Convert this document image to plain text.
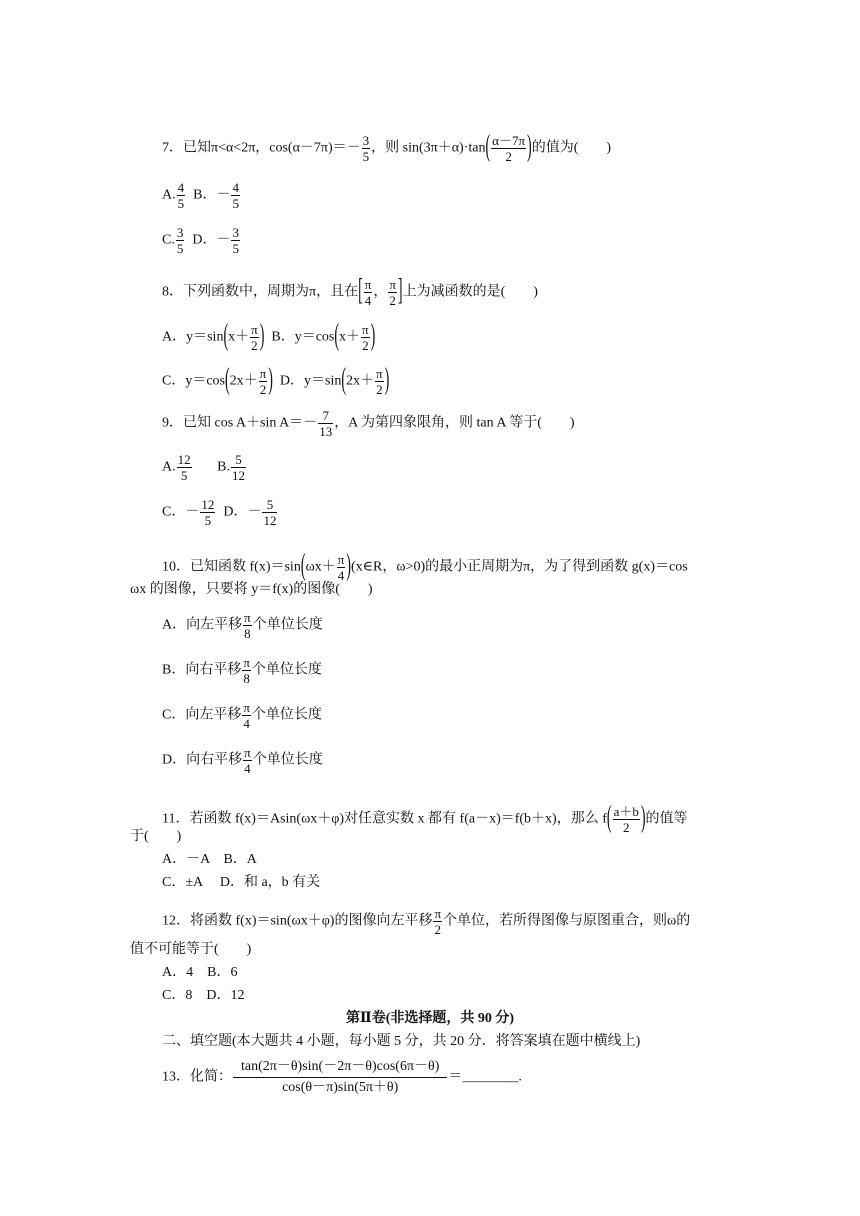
7．已知π<α<2π，$\cos(\alpha-7\pi)=- \frac{3}{5}$ ，则 $\sin(3\pi+\alpha)\cdot\tan( \frac{\alpha-7\pi}{2}$ )的值为(　　)
A. $\frac{4}{5}$ B．－ $\frac{4}{5}$
C. $\frac{3}{5}$ D．－ $\frac{3}{5}$
8．下列函数中，周期为π，且在[ $\frac{\pi}{4}$ ， $\frac{\pi}{2}$ ]上为减函数的是(　　)
A．$y=\sin(x+ \frac{\pi}{2}$ ) B．$y=\cos(x+ \frac{\pi}{2}$ )
C．$y=\cos(2x+ \frac{\pi}{2}$ ) D．$y=\sin(2x+ \frac{\pi}{2}$ )
9．已知 cos A＋sin $A=- \frac{7}{13}$ ，A 为第四象限角，则 tan A 等于(　　)
A. $\frac{12}{5} B$. $\frac{5}{12}$
C．－ $\frac{12}{5}$ D．－ $\frac{5}{12}$
10．已知函数 $f(x)=\sin(\omega x+ \frac{\pi}{4}$ )(x∈R，ω>0)的最小正周期为π，为了得到函数 g(x)＝cos
ωx 的图像，只要将 y＝f(x)的图像(　　)
A．向左平移 $\frac{\pi}{8}$ 个单位长度
B．向右平移 $\frac{\pi}{8}$ 个单位长度
C．向左平移 $\frac{\pi}{4}$ 个单位长度
D．向右平移 $\frac{\pi}{4}$ 个单位长度
11．若函数 f(x)＝Asin(ωx＋φ)对任意实数 x 都有 f(a－x)＝f(b＋x)，那么 $f( \frac{a+b}{2}$ )的值等
于(　　)
A．－A　B．A
C．±A　 D．和 a，b 有关
12．将函数 f(x)＝sin(ωx＋φ)的图像向左平移 $\frac{\pi}{2}$ 个单位，若所得图像与原图重合，则ω的
值不可能等于(　　)
A．4　B．6
C．8　D．12
第Ⅱ卷(非选择题，共 90 分)
二、填空题(本大题共 4 小题，每小题 5 分，共 20 分．将答案填在题中横线上)
13．化简： $\frac{\tan(2\pi-\theta)\sin(-2\pi-\theta)\cos(6\pi-\theta)}{\cos(\theta-\pi)\sin(5\pi+\theta)}$ ＝________.
